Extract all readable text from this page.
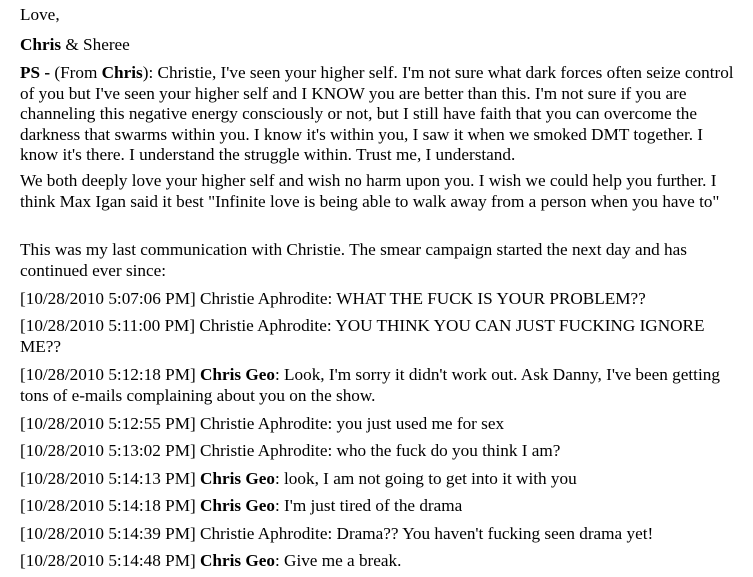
Love,

Chris & Sheree

PS - (From Chris): Christie, I've seen your higher self. I'm not sure what dark forces often seize control of you but I've seen your higher self and I KNOW you are better than this. I'm not sure if you are channeling this negative energy consciously or not, but I still have faith that you can overcome the darkness that swarms within you. I know it's within you, I saw it when we smoked DMT together. I know it's there. I understand the struggle within. Trust me, I understand.

We both deeply love your higher self and wish no harm upon you. I wish we could help you further. I think Max Igan said it best "Infinite love is being able to walk away from a person when you have to"

This was my last communication with Christie. The smear campaign started the next day and has continued ever since:

[10/28/2010 5:07:06 PM] Christie Aphrodite: WHAT THE FUCK IS YOUR PROBLEM??

[10/28/2010 5:11:00 PM] Christie Aphrodite: YOU THINK YOU CAN JUST FUCKING IGNORE ME??

[10/28/2010 5:12:18 PM] Chris Geo: Look, I'm sorry it didn't work out. Ask Danny, I've been getting tons of e-mails complaining about you on the show.

[10/28/2010 5:12:55 PM] Christie Aphrodite: you just used me for sex

[10/28/2010 5:13:02 PM] Christie Aphrodite: who the fuck do you think I am?

[10/28/2010 5:14:13 PM] Chris Geo: look, I am not going to get into it with you

[10/28/2010 5:14:18 PM] Chris Geo: I'm just tired of the drama

[10/28/2010 5:14:39 PM] Christie Aphrodite: Drama?? You haven't fucking seen drama yet!

[10/28/2010 5:14:48 PM] Chris Geo: Give me a break.
